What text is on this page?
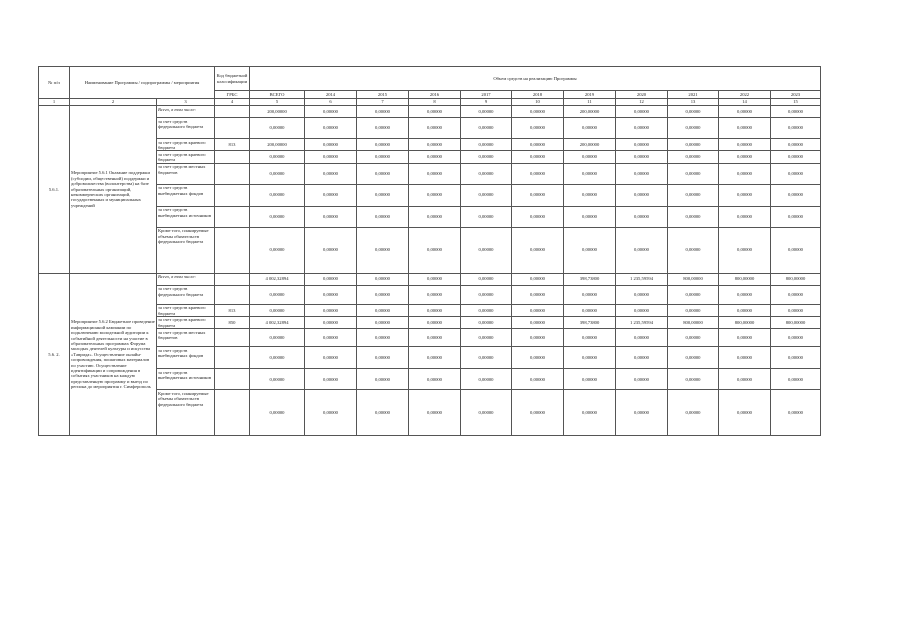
№ п/п	Наименование Программы / подпрограммы / мероприятия		Код бюджетной классификации	Объем средств на реализацию Программы										
			ГРБС	ВСЕГО	2014	2015	2016	2017	2018	2019	2020	2021	2022	2023
1	2	3	4	5	6	7	8	9	10	11	12	13	14	15
5.6.1.	Мероприятие 5.6.1 Оказание поддержки (субсидии, общественной) поддержки и добровольчества (волонтерства) на базе образовательных организаций, некоммерческих организаций, государственных и муниципальных учреждений	Всего, в том числе:		200,00000	0,00000	0,00000	0,00000	0,00000	0,00000	200,00000	0,00000	0,00000	0,00000	0,00000
		за счет средств федерального бюджета		0,00000	0,00000	0,00000	0,00000	0,00000	0,00000	0,00000	0,00000	0,00000	0,00000	0,00000
		за счет средств краевого бюджета	813	200,00000	0,00000	0,00000	0,00000	0,00000	0,00000	200,00000	0,00000	0,00000	0,00000	0,00000
		за счет средств краевого бюджета		0,00000	0,00000	0,00000	0,00000	0,00000	0,00000	0,00000	0,00000	0,00000	0,00000	0,00000
		за счет средств местных бюджетов		0,00000	0,00000	0,00000	0,00000	0,00000	0,00000	0,00000	0,00000	0,00000	0,00000	0,00000
		за счет средств внебюджетных фондов		0,00000	0,00000	0,00000	0,00000	0,00000	0,00000	0,00000	0,00000	0,00000	0,00000	0,00000
		за счет средств внебюджетных источников		0,00000	0,00000	0,00000	0,00000	0,00000	0,00000	0,00000	0,00000	0,00000	0,00000	0,00000
		Кроме того, планируемые объемы обязательств федерального бюджета		0,00000	0,00000	0,00000	0,00000	0,00000	0,00000	0,00000	0,00000	0,00000	0,00000	0,00000
5.6. 2.	Мероприятие 5.6.2 Бюджетное проведение информационной кампании по подключению молодежной аудитории к событийной деятельности на участие в образовательных программах Форума молодых деятелей культуры и искусства «Таврида». Осуществление онлайн-сопровождения, пошаговых материалов по участию. Осуществление идентификации и сопровождения в событиях участников на каждую представленную программу и выезд по региона до мероприятия г. Симферополь	Всего, в том числе:		4 002,32894	0,00000	0,00000	0,00000	0,00000	0,00000	398,73800	1 235,59594	800,00000	800,00000	800,00000
		за счет средств федерального бюджета		0,00000	0,00000	0,00000	0,00000	0,00000	0,00000	0,00000	0,00000	0,00000	0,00000	0,00000
		за счет средств краевого бюджета	813	0,00000	0,00000	0,00000	0,00000	0,00000	0,00000	0,00000	0,00000	0,00000	0,00000	0,00000
		за счет средств краевого бюджета	850	4 002,32894	0,00000	0,00000	0,00000	0,00000	0,00000	398,73800	1 235,59594	800,00000	800,00000	800,00000
		за счет средств местных бюджетов		0,00000	0,00000	0,00000	0,00000	0,00000	0,00000	0,00000	0,00000	0,00000	0,00000	0,00000
		за счет средств внебюджетных фондов		0,00000	0,00000	0,00000	0,00000	0,00000	0,00000	0,00000	0,00000	0,00000	0,00000	0,00000
		за счет средств внебюджетных источников		0,00000	0,00000	0,00000	0,00000	0,00000	0,00000	0,00000	0,00000	0,00000	0,00000	0,00000
		Кроме того, планируемые объемы обязательств федерального бюджета		0,00000	0,00000	0,00000	0,00000	0,00000	0,00000	0,00000	0,00000	0,00000	0,00000	0,00000
